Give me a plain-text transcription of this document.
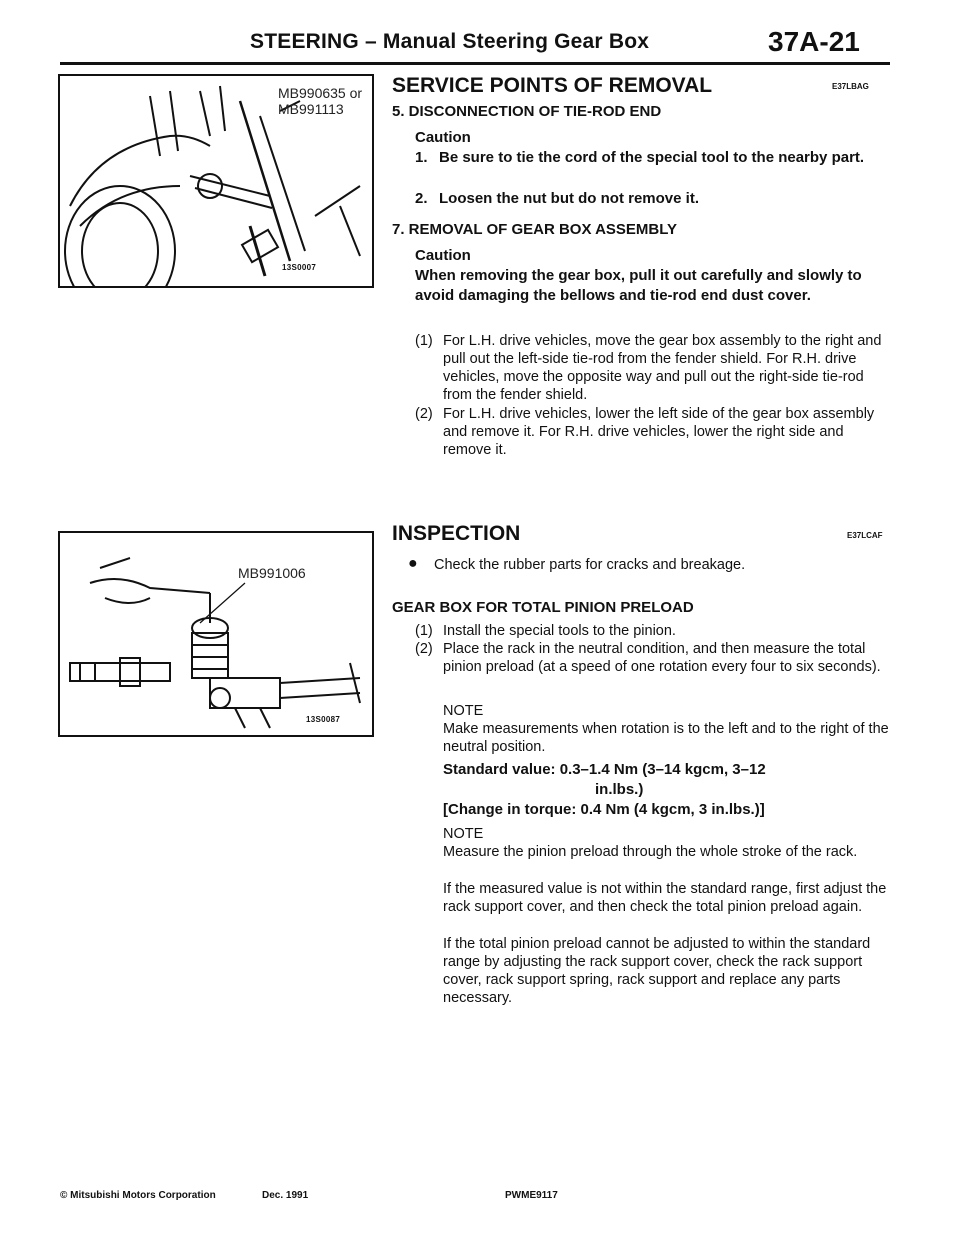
STEERING – Manual Steering Gear Box	37A-21
MB990635 or
MB991113
13S0007
MB991006
13S0087
SERVICE POINTS OF REMOVAL	E37LBAG
5. DISCONNECTION OF TIE-ROD END
Caution
1. Be sure to tie the cord of the special tool to the nearby part.
2. Loosen the nut but do not remove it.
7. REMOVAL OF GEAR BOX ASSEMBLY
Caution
When removing the gear box, pull it out carefully and slowly to avoid damaging the bellows and tie-rod end dust cover.
(1) For L.H. drive vehicles, move the gear box assembly to the right and pull out the left-side tie-rod from the fender shield. For R.H. drive vehicles, move the opposite way and pull out the right-side tie-rod from the fender shield.
(2) For L.H. drive vehicles, lower the left side of the gear box assembly and remove it. For R.H. drive vehicles, lower the right side and remove it.
INSPECTION	E37LCAF
● Check the rubber parts for cracks and breakage.
GEAR BOX FOR TOTAL PINION PRELOAD
(1) Install the special tools to the pinion.
(2) Place the rack in the neutral condition, and then measure the total pinion preload (at a speed of one rotation every four to six seconds).
NOTE
Make measurements when rotation is to the left and to the right of the neutral position.
Standard value: 0.3–1.4 Nm (3–14 kgcm, 3–12
in.lbs.)
[Change in torque: 0.4 Nm (4 kgcm, 3 in.lbs.)]
NOTE
Measure the pinion preload through the whole stroke of the rack.
If the measured value is not within the standard range, first adjust the rack support cover, and then check the total pinion preload again.
If the total pinion preload cannot be adjusted to within the standard range by adjusting the rack support cover, check the rack support cover, rack support spring, rack support and replace any parts necessary.
© Mitsubishi Motors Corporation	Dec. 1991	PWME9117
